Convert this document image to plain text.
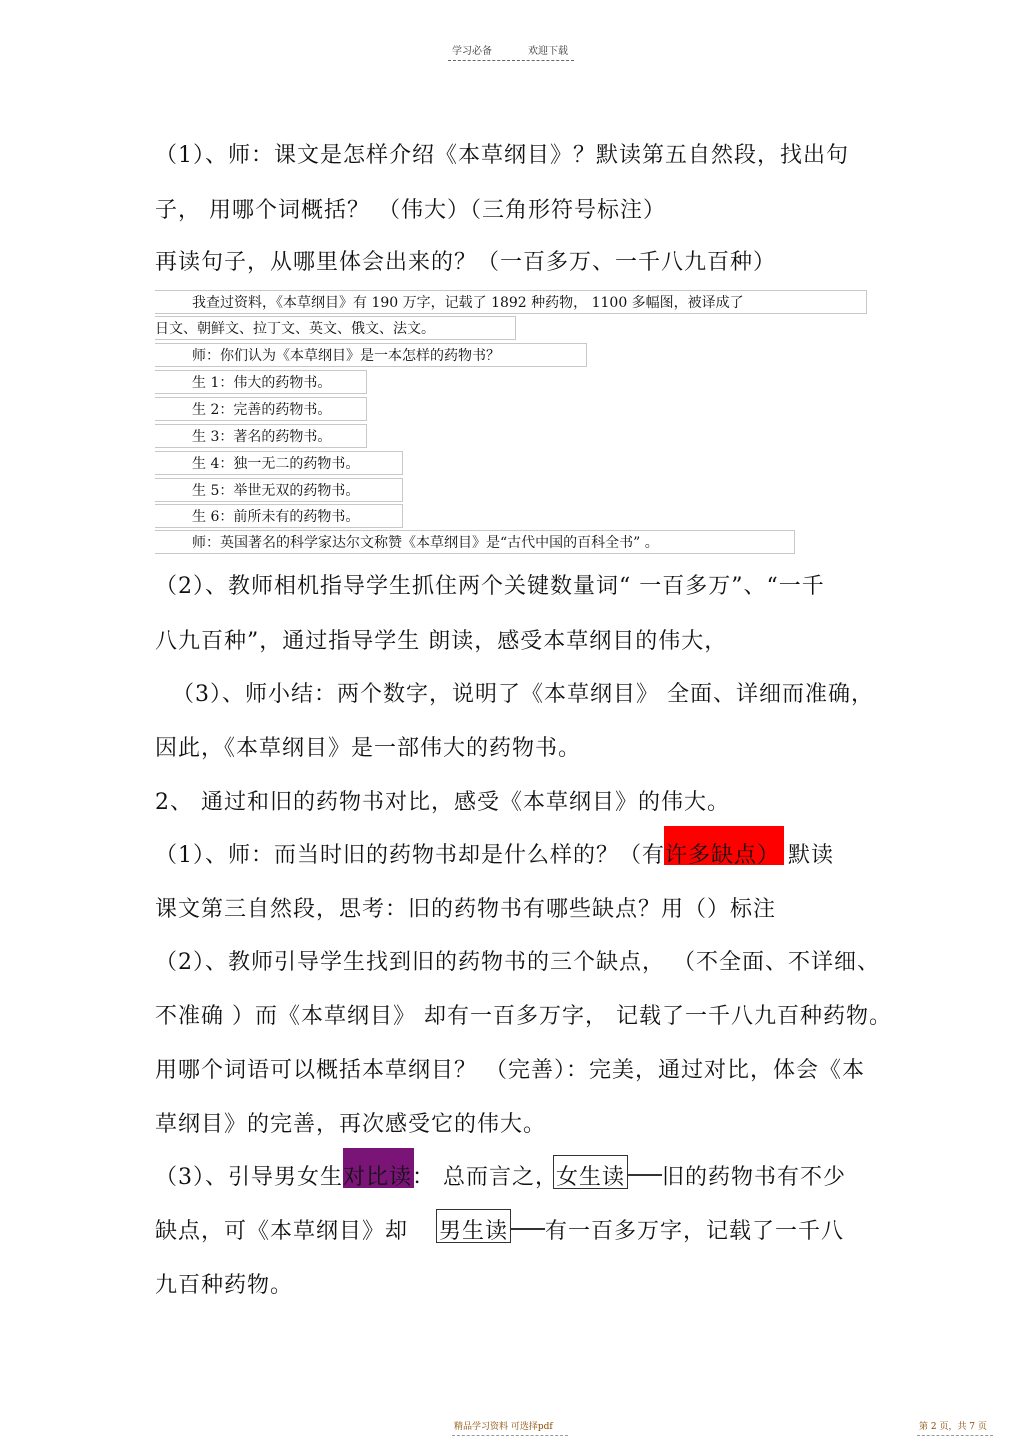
学习必备	欢迎下载
（1）、师：课文是怎样介绍《本草纲目》？默读第五自然段，找出句
子， 用哪个词概括？ （伟大）（三角形符号标注）
再读句子，从哪里体会出来的？（一百多万、一千八九百种）
我查过资料，《本草纲目》有 190 万字，记载了 1892 种药物， 1100 多幅图，被译成了
日文、朝鲜文、拉丁文、英文、俄文、法文。
师：你们认为《本草纲目》是一本怎样的药物书？
生 1：伟大的药物书。
生 2：完善的药物书。
生 3：著名的药物书。
生 4：独一无二的药物书。
生 5：举世无双的药物书。
生 6：前所未有的药物书。
师：英国著名的科学家达尔文称赞《本草纲目》是“古代中国的百科全书” 。
（2）、教师相机指导学生抓住两个关键数量词“ 一百多万”、“一千
八九百种”，通过指导学生 朗读，感受本草纲目的伟大，
（3）、师小结：两个数字，说明了《本草纲目》 全面、详细而准确，
因此，《本草纲目》是一部伟大的药物书。
2、 通过和旧的药物书对比，感受《本草纲目》的伟大。
（1）、师：而当时旧的药物书却是什么样的？（有许多缺点） 默读
课文第三自然段，思考：旧的药物书有哪些缺点？用（）标注
（2）、教师引导学生找到旧的药物书的三个缺点， （不全面、不详细、
不准确 ）而《本草纲目》 却有一百多万字， 记载了一千八九百种药物。
用哪个词语可以概括本草纲目？ （完善）：完美，通过对比，体会《本
草纲目》的完善，再次感受它的伟大。
（3）、引导男女生对比读： 总而言之，
女生读 旧的药物书有不少
缺点，可《本草纲目》却 男生读 有一百多万字，记载了一千八
九百种药物。
精品学习资料 可选择pdf	第 2 页，共 7 页
